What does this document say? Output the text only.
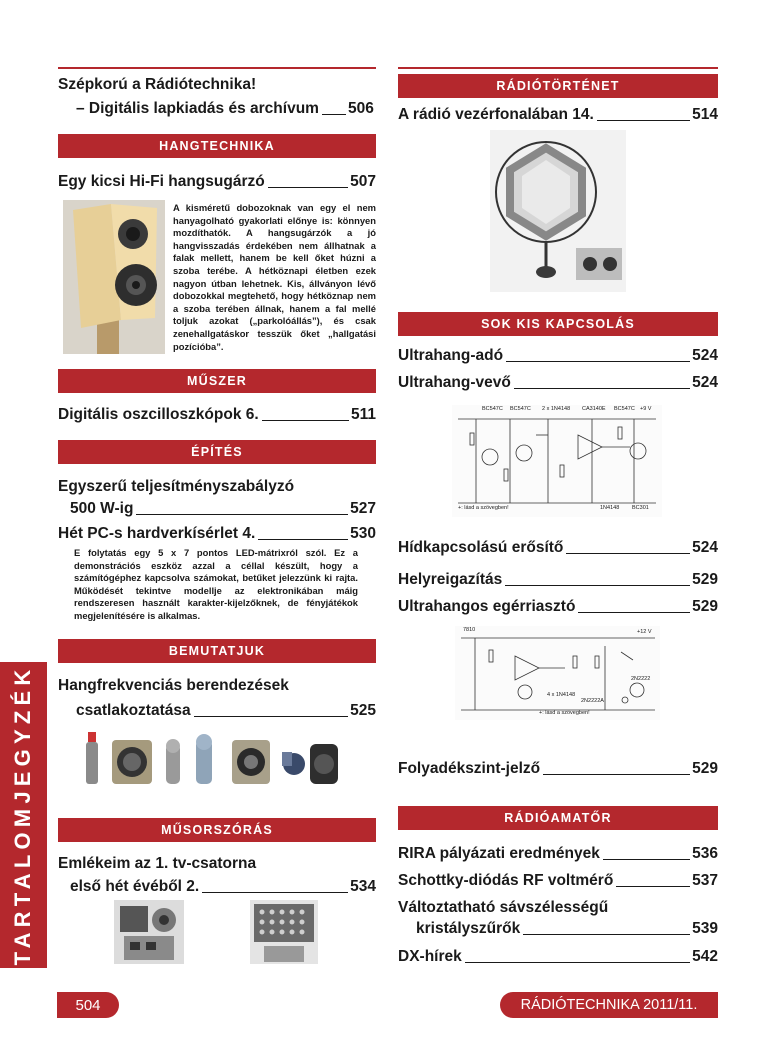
Szépkorú a Rádiótechnika!
– Digitális lapkiadás és archívum 506
HANGTECHNIKA
Egy kicsi Hi-Fi hangsugárzó	507

A kisméretű dobozoknak van egy el nem hanyagolható gyakorlati előnye is: könnyen mozdíthatók. A hangsugárzók a jó hangvisszadás érdekében nem állhatnak a falak mellett, hanem be kell őket húzni a szoba terébe. A hétköznapi életben ezek nagyon útban lehetnek. Kis, állványon lévő dobozokkal megtehető, hogy hétköznap nem a szoba terében állnak, hanem a fal mellé toljuk azokat („parkolóállás”), és csak zenehallgatáskor tesszük őket „hallgatási pozícióba”.

MŰSZER
Digitális oszcilloszkópok 6.	511
ÉPÍTÉS
Egyszerű teljesítményszabályzó
500 W-ig	527
Hét PC-s hardverkísérlet 4.	530

E folytatás egy 5 x 7 pontos LED-mátrixról szól. Ez a demonstrációs eszköz azzal a céllal készült, hogy a számítógéphez kapcsolva számokat, betűket jelezzünk ki rajta. Működését tekintve modellje az elektronikában máig rendszeresen használt karakter-kijelzőknek, de fényjátékok megjelenítésére is alkalmas.

BEMUTATJUK
Hangfrekvenciás berendezések
csatlakoztatása	525
MŰSORSZÓRÁS
Emlékeim az 1. tv-csatorna
első hét évéből 2.	534
RÁDIÓTÖRTÉNET
A rádió vezérfonalában 14.	514
SOK KIS KAPCSOLÁS
Ultrahang-adó	524
Ultrahang-vevő	524
BC547C BC547C 2 x 1N4148 CA3140E BC547C +9 V
1N4148 BC301
+: lásd a szövegben!
Hídkapcsolású erősítő	524
Helyreigazítás	529
Ultrahangos egérriasztó	529
7810	+12 V
4 x 1N4148
2N2222A
2N2222
+: lásd a szövegben!
Folyadékszint-jelző	529
RÁDIÓAMATŐR
RIRA pályázati eredmények	536
Schottky-diódás RF voltmérő	537
Változtatható sávszélességű
kristályszűrők	539
DX-hírek	542
TARTALOMJEGYZÉK
504	RÁDIÓTECHNIKA 2011/11.
